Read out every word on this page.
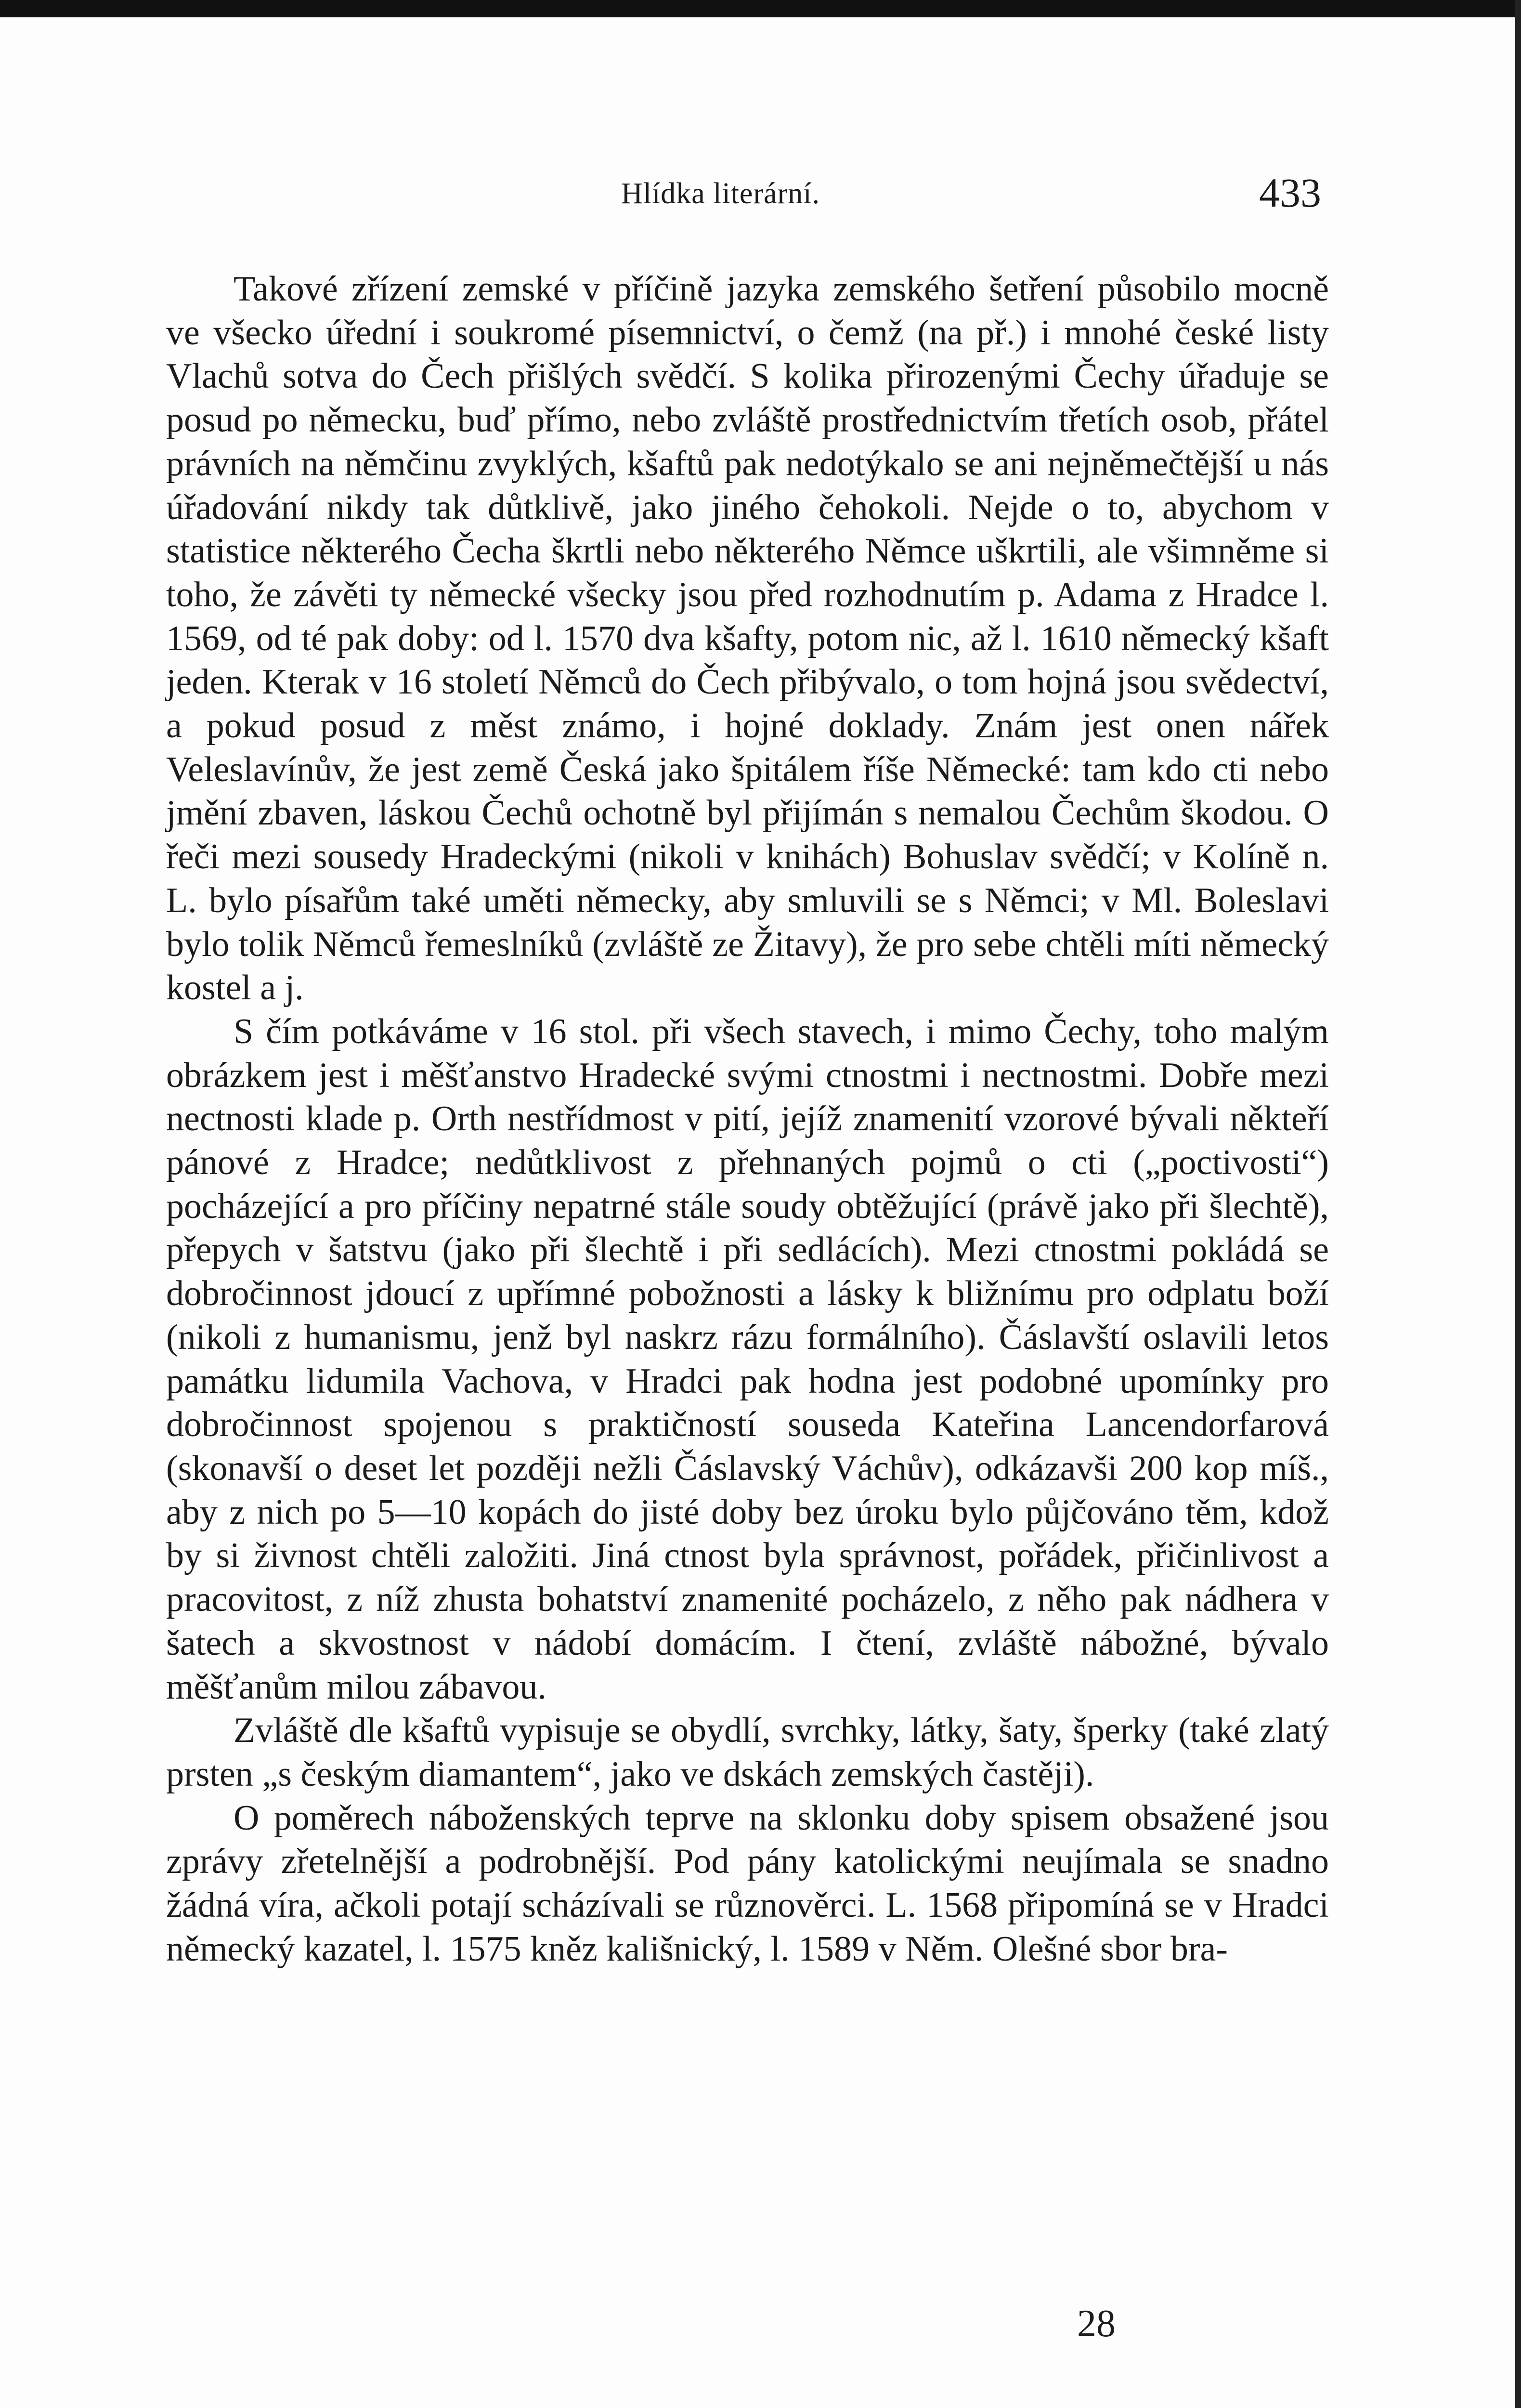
Hlídka literární.	433

Takové zřízení zemské v příčině jazyka zemského šetření působilo mocně ve všecko úřední i soukromé písemnictví, o čemž (na př.) i mnohé české listy Vlachů sotva do Čech přišlých svědčí. S kolika přirozenými Čechy úřaduje se posud po německu, buď přímo, nebo zvláště prostřednictvím třetích osob, přátel právních na němčinu zvyklých, kšaftů pak nedotýkalo se ani nejněmečtější u nás úřadování nikdy tak důtklivě, jako jiného čehokoli. Nejde o to, abychom v statistice některého Čecha škrtli nebo některého Němce uškrtili, ale všimněme si toho, že závěti ty německé všecky jsou před rozhodnutím p. Adama z Hradce l. 1569, od té pak doby: od l. 1570 dva kšafty, potom nic, až l. 1610 německý kšaft jeden. Kterak v 16 století Němců do Čech přibývalo, o tom hojná jsou svědectví, a pokud posud z měst známo, i hojné doklady. Znám jest onen nářek Veleslavínův, že jest země Česká jako špitálem říše Německé: tam kdo cti nebo jmění zbaven, láskou Čechů ochotně byl přijímán s nemalou Čechům škodou. O řeči mezi sousedy Hradeckými (nikoli v knihách) Bohuslav svědčí; v Kolíně n. L. bylo písařům také uměti německy, aby smluvili se s Němci; v Ml. Boleslavi bylo tolik Němců řemeslníků (zvláště ze Žitavy), že pro sebe chtěli míti německý kostel a j.

S čím potkáváme v 16 stol. při všech stavech, i mimo Čechy, toho malým obrázkem jest i měšťanstvo Hradecké svými ctnostmi i nectnostmi. Dobře mezi nectnosti klade p. Orth nestřídmost v pití, jejíž znamenití vzorové bývali někteří pánové z Hradce; nedůtklivost z přehnaných pojmů o cti („poctivosti“) pocházející a pro příčiny nepatrné stále soudy obtěžující (právě jako při šlechtě), přepych v šatstvu (jako při šlechtě i při sedlácích). Mezi ctnostmi pokládá se dobročinnost jdoucí z upřímné pobožnosti a lásky k bližnímu pro odplatu boží (nikoli z humanismu, jenž byl naskrz rázu formálního). Čáslavští oslavili letos památku lidumila Vachova, v Hradci pak hodna jest podobné upomínky pro dobročinnost spojenou s praktičností souseda Kateřina Lancendorfarová (skonavší o deset let později nežli Čáslavský Váchův), odkázavši 200 kop míš., aby z nich po 5—10 kopách do jisté doby bez úroku bylo půjčováno těm, kdož by si živnost chtěli založiti. Jiná ctnost byla správnost, pořádek, přičinlivost a pracovitost, z níž zhusta bohatství znamenité pocházelo, z něho pak nádhera v šatech a skvostnost v nádobí domácím. I čtení, zvláště nábožné, bývalo měšťanům milou zábavou.

Zvláště dle kšaftů vypisuje se obydlí, svrchky, látky, šaty, šperky (také zlatý prsten „s českým diamantem“, jako ve dskách zemských častěji).

O poměrech náboženských teprve na sklonku doby spisem obsažené jsou zprávy zřetelnější a podrobnější. Pod pány katolickými neujímala se snadno žádná víra, ačkoli potají scházívali se různověrci. L. 1568 připomíná se v Hradci německý kazatel, l. 1575 kněz kališnický, l. 1589 v Něm. Olešné sbor bra-

28
